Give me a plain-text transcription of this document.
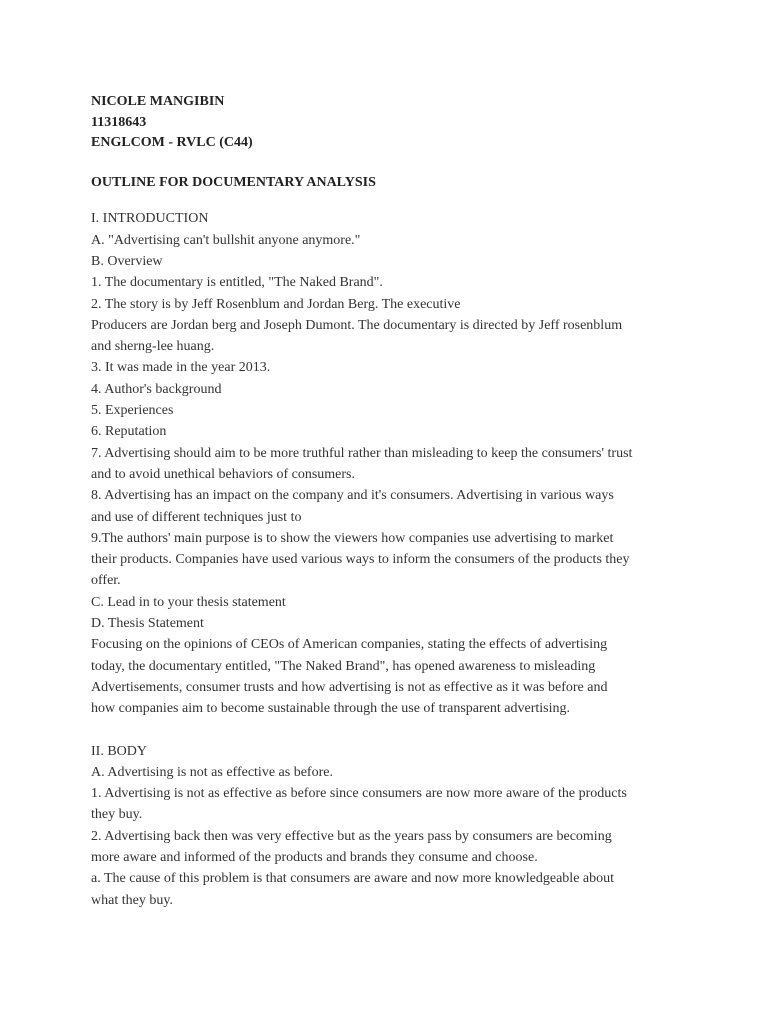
NICOLE MANGIBIN
11318643
ENGLCOM - RVLC (C44)
OUTLINE FOR DOCUMENTARY ANALYSIS
I. INTRODUCTION
A. "Advertising can't bullshit anyone anymore."
B. Overview
1. The documentary is entitled, "The Naked Brand".
2. The story is by Jeff Rosenblum and Jordan Berg. The executive
Producers are Jordan berg and Joseph Dumont. The documentary is directed by Jeff rosenblum
and sherng-lee huang.
3. It was made in the year 2013.
4. Author's background
5. Experiences
6. Reputation
7. Advertising should aim to be more truthful rather than misleading to keep the consumers' trust
and to avoid unethical behaviors of consumers.
8. Advertising has an impact on the company and it's consumers. Advertising in various ways
and use of different techniques just to
9.The authors' main purpose is to show the viewers how companies use advertising to market
their products. Companies have used various ways to inform the consumers of the products they
offer.
C. Lead in to your thesis statement
D. Thesis Statement
Focusing on the opinions of CEOs of American companies, stating the effects of advertising
today, the documentary entitled, "The Naked Brand", has opened awareness to misleading
Advertisements, consumer trusts and how advertising is not as effective as it was before and
how companies aim to become sustainable through the use of transparent advertising.
II. BODY
A. Advertising is not as effective as before.
1. Advertising is not as effective as before since consumers are now more aware of the products
they buy.
2. Advertising back then was very effective but as the years pass by consumers are becoming
more aware and informed of the products and brands they consume and choose.
a. The cause of this problem is that consumers are aware and now more knowledgeable about
what they buy.
